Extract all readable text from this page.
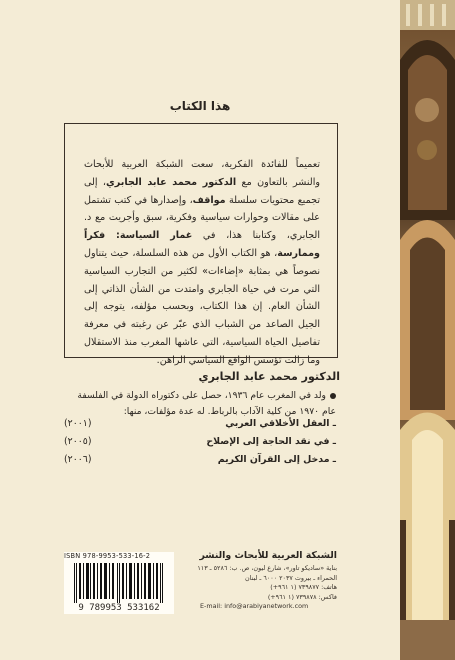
هذا الكتاب
تعميماً للفائدة الفكرية، سعت الشبكة العربية للأبحاث والنشر بالتعاون مع الدكتور محمد عابد الجابري، إلى تجميع محتويات سلسلة مواقف، وإصدارها في كتب تشتمل على مقالات وحوارات سياسية وفكرية، سبق وأجريت مع د. الجابري، وكتابنا هذا، في غمار السياسة: فكراً وممارسة، هو الكتاب الأول من هذه السلسلة، حيث يتناول نصوصاً هي بمثابة «إضاءات» لكثير من التجارب السياسية التي مرت في حياة الجابري وامتدت من الشأن الذاتي إلى الشأن العام. إن هذا الكتاب، وبحسب مؤلفه، يتوجه إلى الجيل الصاعد من الشباب الذي عبّر عن رغبته في معرفة تفاصيل الحياة السياسية، التي عاشها المغرب منذ الاستقلال وما زالت تؤسس الواقع السياسي الراهن.
الدكتور محمد عابد الجابري
ولد في المغرب عام ١٩٣٦، حصل على دكتوراه الدولة في الفلسفة عام ١٩٧٠ من كلية الآداب بالرباط. له عدة مؤلفات، منها:
ـ العقل الأخلاقي العربي
(٢٠٠١)
ـ في نقد الحاجة إلى الإصلاح
(٢٠٠٥)
ـ مدخل إلى القرآن الكريم
(٢٠٠٦)
ISBN 978-9953-533-16-2
9 789953 533162
الشبكة العربية للأبحاث والنشر
بناية «ساديكو تاور»، شارع ليون، ص. ب: ٥٢٨٦ ـ ١١٣
الحمراء ـ بيروت ٢٠٣٧ ٦٠٠٠ ـ لبنان
هاتف: ٧٣٩٨٧٧ (١ ٩٦١+)
فاكس: ٧٣٩٨٧٨ (١ ٩٦١+)
E-mail: info@arabiyanetwork.com
